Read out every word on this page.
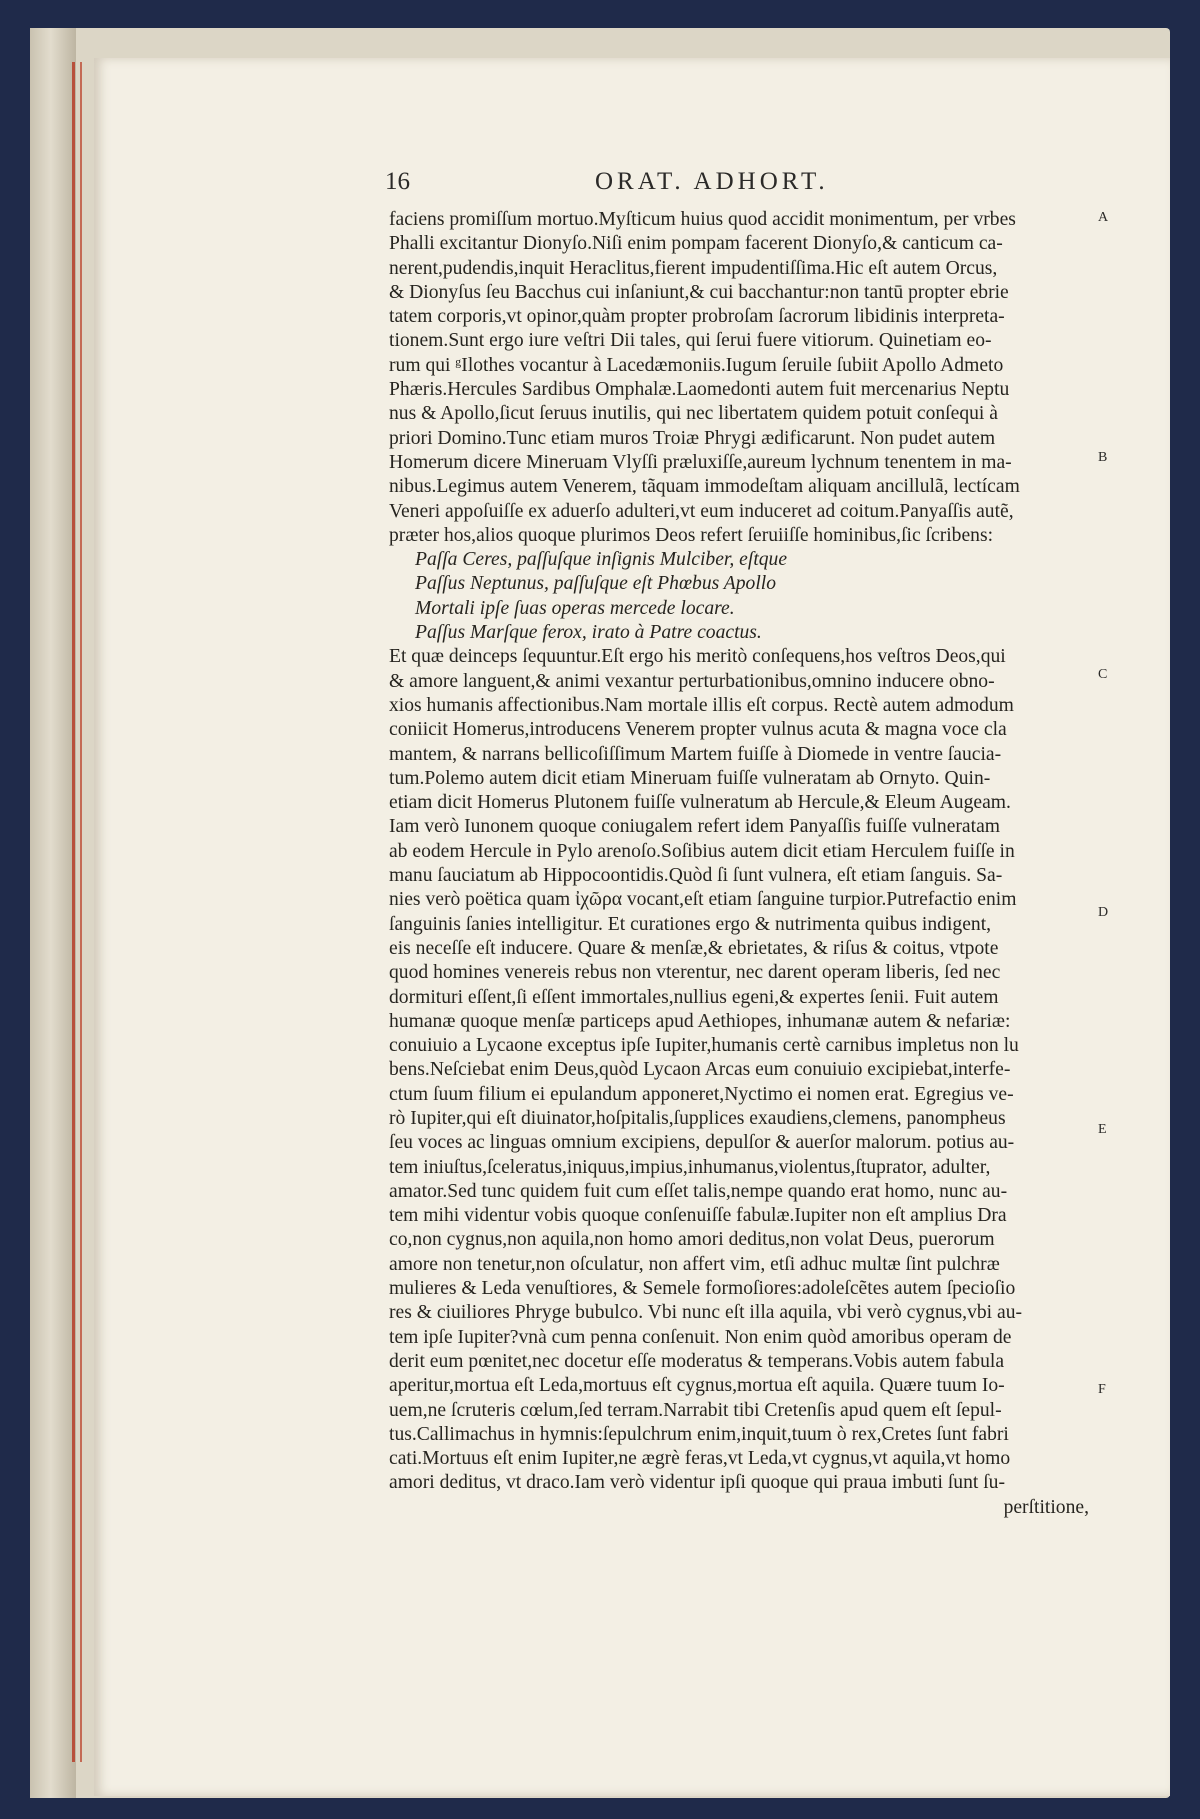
16	ORAT. ADHORT.
faciens promiſſum mortuo.Myſticum huius quod accidit monimentum, per vrbes
Phalli excitantur Dionyſo.Niſi enim pompam facerent Dionyſo,& canticum ca-
nerent,pudendis,inquit Heraclitus,fierent impudentiſſima.Hic eſt autem Orcus,
& Dionyſus ſeu Bacchus cui inſaniunt,& cui bacchantur:non tantū propter ebrie
tatem corporis,vt opinor,quàm propter probroſam ſacrorum libidinis interpreta-
tionem.Sunt ergo iure veſtri Dii tales, qui ſerui fuere vitiorum. Quinetiam eo-
rum qui ᵍIlothes vocantur à Lacedæmoniis.Iugum ſeruile ſubiit Apollo Admeto
Phæris.Hercules Sardibus Omphalæ.Laomedonti autem fuit mercenarius Neptu
nus & Apollo,ſicut ſeruus inutilis, qui nec libertatem quidem potuit conſequi à
priori Domino.Tunc etiam muros Troiæ Phrygi ædificarunt. Non pudet autem
Homerum dicere Mineruam Vlyſſi præluxiſſe,aureum lychnum tenentem in ma-
nibus.Legimus autem Venerem, tãquam immodeſtam aliquam ancillulã, lectícam
Veneri appoſuiſſe ex aduerſo adulteri,vt eum induceret ad coitum.Panyaſſis autẽ,
præter hos,alios quoque plurimos Deos refert ſeruiiſſe hominibus,ſic ſcribens:
Paſſa Ceres, paſſuſque inſignis Mulciber, eſtque
Paſſus Neptunus, paſſuſque eſt Phœbus Apollo
Mortali ipſe ſuas operas mercede locare.
Paſſus Marſque ferox, irato à Patre coactus.
Et quæ deinceps ſequuntur.Eſt ergo his meritò conſequens,hos veſtros Deos,qui
& amore languent,& animi vexantur perturbationibus,omnino inducere obno-
xios humanis affectionibus.Nam mortale illis eſt corpus. Rectè autem admodum
coniicit Homerus,introducens Venerem propter vulnus acuta & magna voce cla
mantem, & narrans bellicoſiſſimum Martem fuiſſe à Diomede in ventre ſaucia-
tum.Polemo autem dicit etiam Mineruam fuiſſe vulneratam ab Ornyto. Quin-
etiam dicit Homerus Plutonem fuiſſe vulneratum ab Hercule,& Eleum Augeam.
Iam verò Iunonem quoque coniugalem refert idem Panyaſſis fuiſſe vulneratam
ab eodem Hercule in Pylo arenoſo.Soſibius autem dicit etiam Herculem fuiſſe in
manu ſauciatum ab Hippocoontidis.Quòd ſi ſunt vulnera, eſt etiam ſanguis. Sa-
nies verò poëtica quam ἰχῶρα vocant,eſt etiam ſanguine turpior.Putrefactio enim
ſanguinis ſanies intelligitur. Et curationes ergo & nutrimenta quibus indigent,
eis neceſſe eſt inducere. Quare & menſæ,& ebrietates, & riſus & coitus, vtpote
quod homines venereis rebus non vterentur, nec darent operam liberis, ſed nec
dormituri eſſent,ſi eſſent immortales,nullius egeni,& expertes ſenii. Fuit autem
humanæ quoque menſæ particeps apud Aethiopes, inhumanæ autem & nefariæ:
conuiuio a Lycaone exceptus ipſe Iupiter,humanis certè carnibus impletus non lu
bens.Neſciebat enim Deus,quòd Lycaon Arcas eum conuiuio excipiebat,interfe-
ctum ſuum filium ei epulandum apponeret,Nyctimo ei nomen erat. Egregius ve-
rò Iupiter,qui eſt diuinator,hoſpitalis,ſupplices exaudiens,clemens, panompheus
ſeu voces ac linguas omnium excipiens, depulſor & auerſor malorum. potius au-
tem iniuſtus,ſceleratus,iniquus,impius,inhumanus,violentus,ſtuprator, adulter,
amator.Sed tunc quidem fuit cum eſſet talis,nempe quando erat homo, nunc au-
tem mihi videntur vobis quoque conſenuiſſe fabulæ.Iupiter non eſt amplius Dra
co,non cygnus,non aquila,non homo amori deditus,non volat Deus, puerorum
amore non tenetur,non oſculatur, non affert vim, etſi adhuc multæ ſint pulchræ
mulieres & Leda venuſtiores, & Semele formoſiores:adoleſcẽtes autem ſpecioſio
res & ciuiliores Phryge bubulco. Vbi nunc eſt illa aquila, vbi verò cygnus,vbi au-
tem ipſe Iupiter?vnà cum penna conſenuit. Non enim quòd amoribus operam de
derit eum pœnitet,nec docetur eſſe moderatus & temperans.Vobis autem fabula
aperitur,mortua eſt Leda,mortuus eſt cygnus,mortua eſt aquila. Quære tuum Io-
uem,ne ſcruteris cœlum,ſed terram.Narrabit tibi Cretenſis apud quem eſt ſepul-
tus.Callimachus in hymnis:ſepulchrum enim,inquit,tuum ò rex,Cretes ſunt fabri
cati.Mortuus eſt enim Iupiter,ne ægrè feras,vt Leda,vt cygnus,vt aquila,vt homo
amori deditus, vt draco.Iam verò videntur ipſi quoque qui praua imbuti ſunt ſu-
perſtitione,
A
B
C
D
E
F
